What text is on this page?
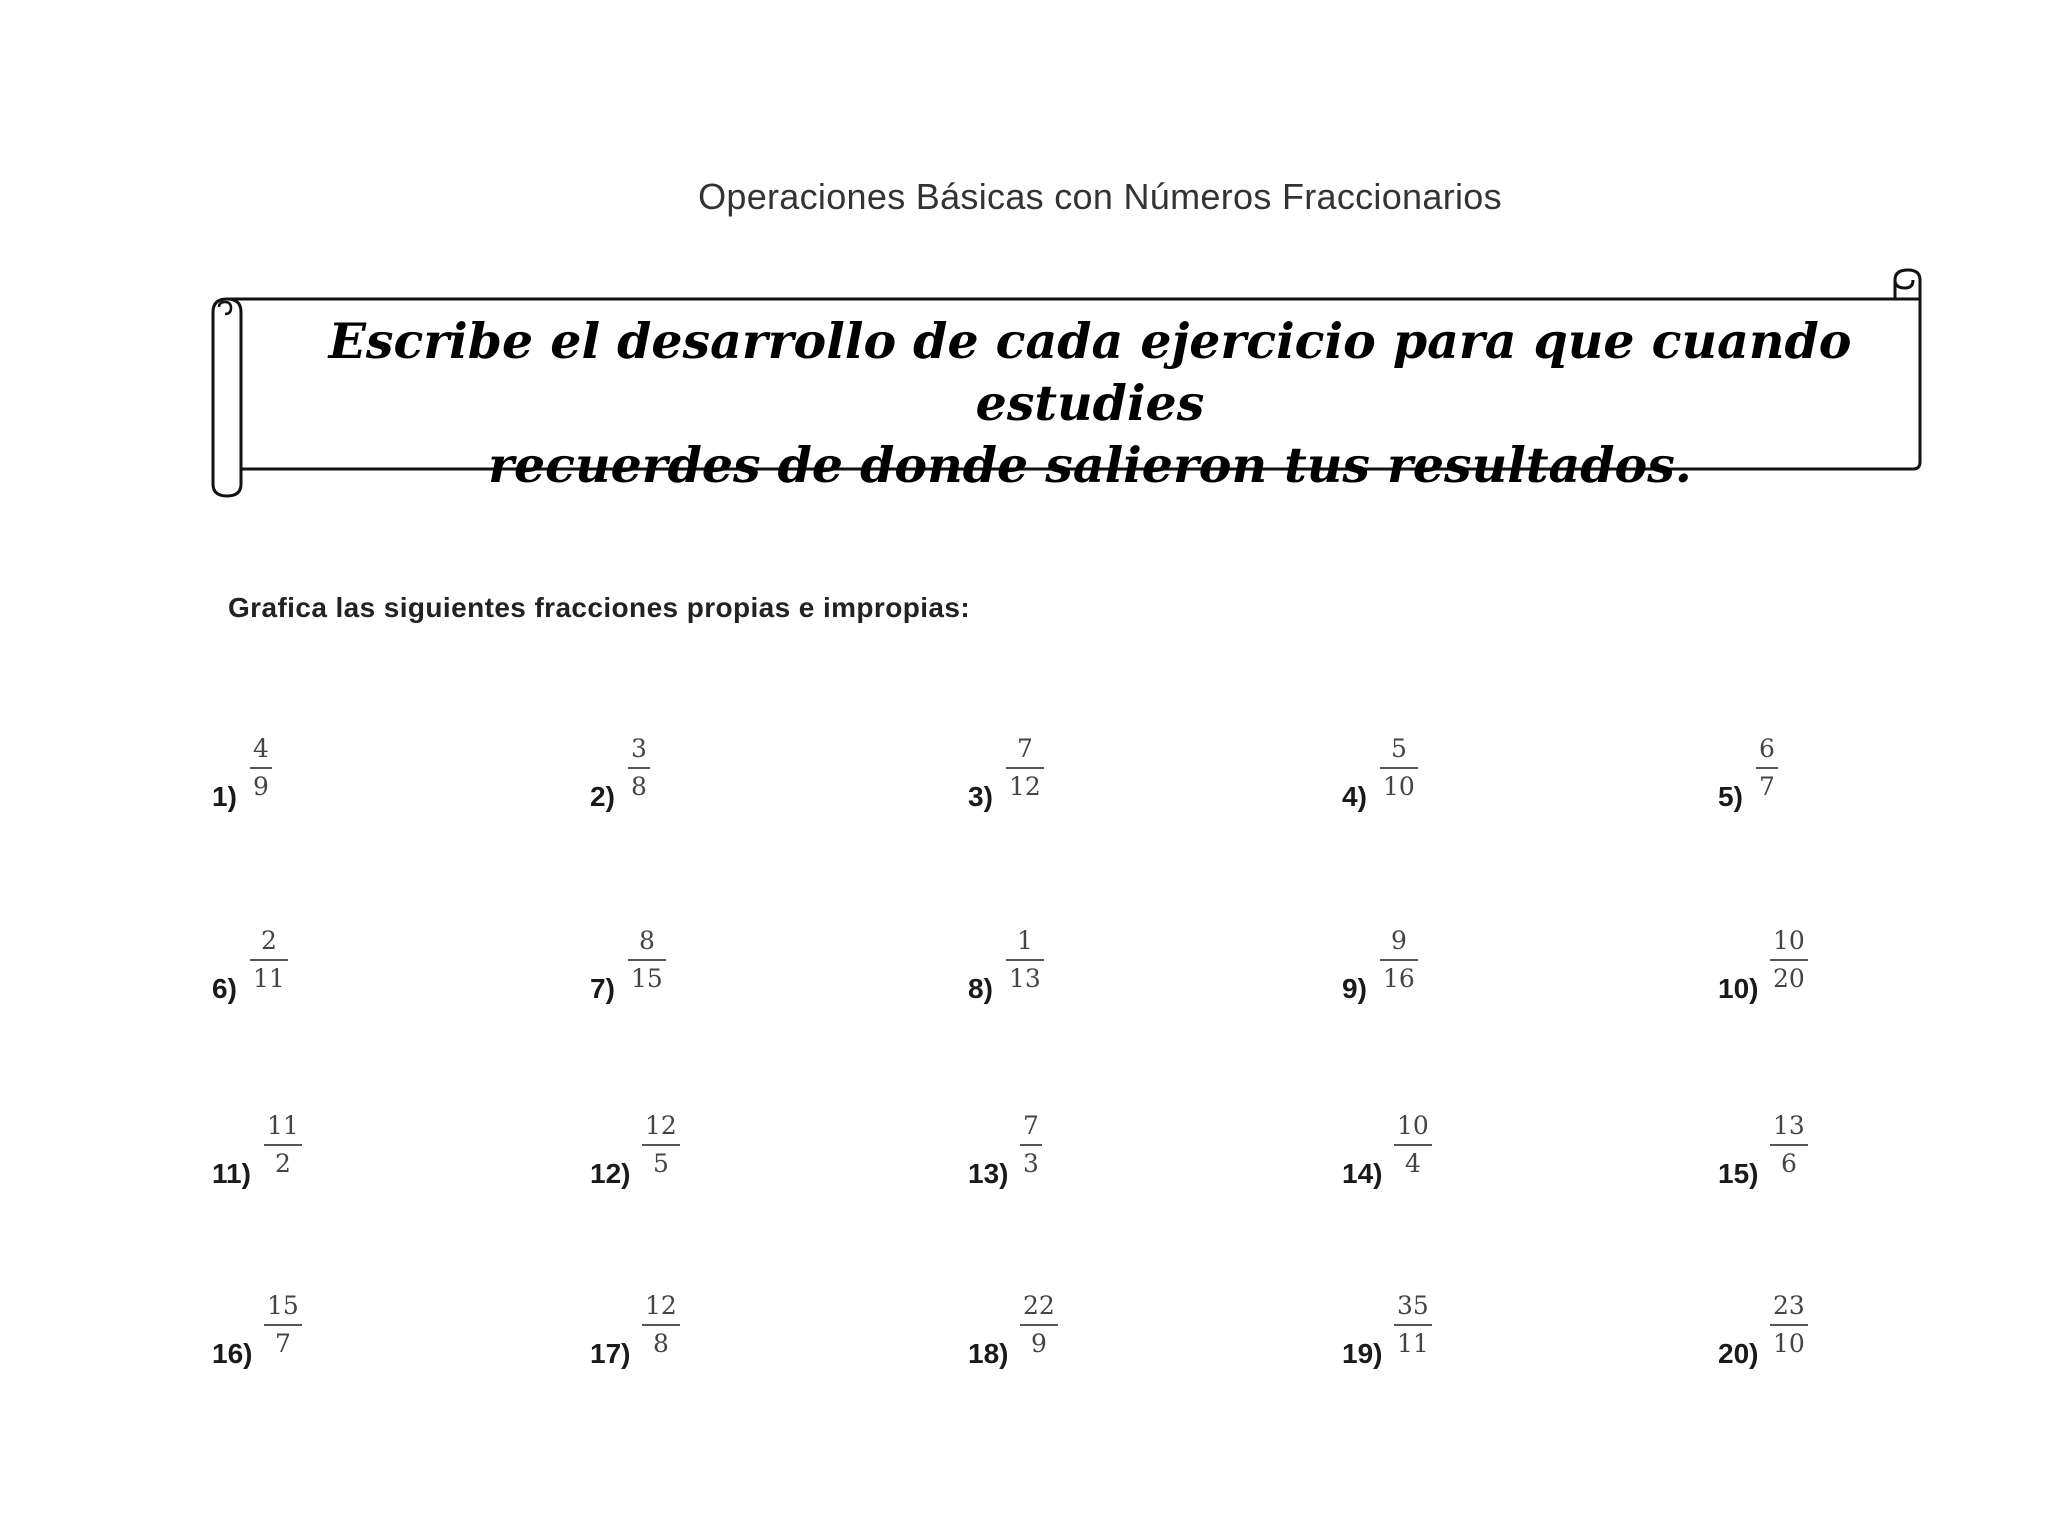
Operaciones Básicas con Números Fraccionarios
Escribe el desarrollo de cada ejercicio para que cuando estudies
recuerdes de donde salieron tus resultados.
Grafica las siguientes fracciones propias e impropias:
1)
4
9	2)
3
8	3)
7
12	4)
5
10	5)
6
7
6)
2
11	7)
8
15	8)
1
13	9)
9
16	10)
10
20
11)
11
2	12)
12
5	13)
7
3	14)
10
4	15)
13
6
16)
15
7	17)
12
8	18)
22
9	19)
35
11	20)
23
10
